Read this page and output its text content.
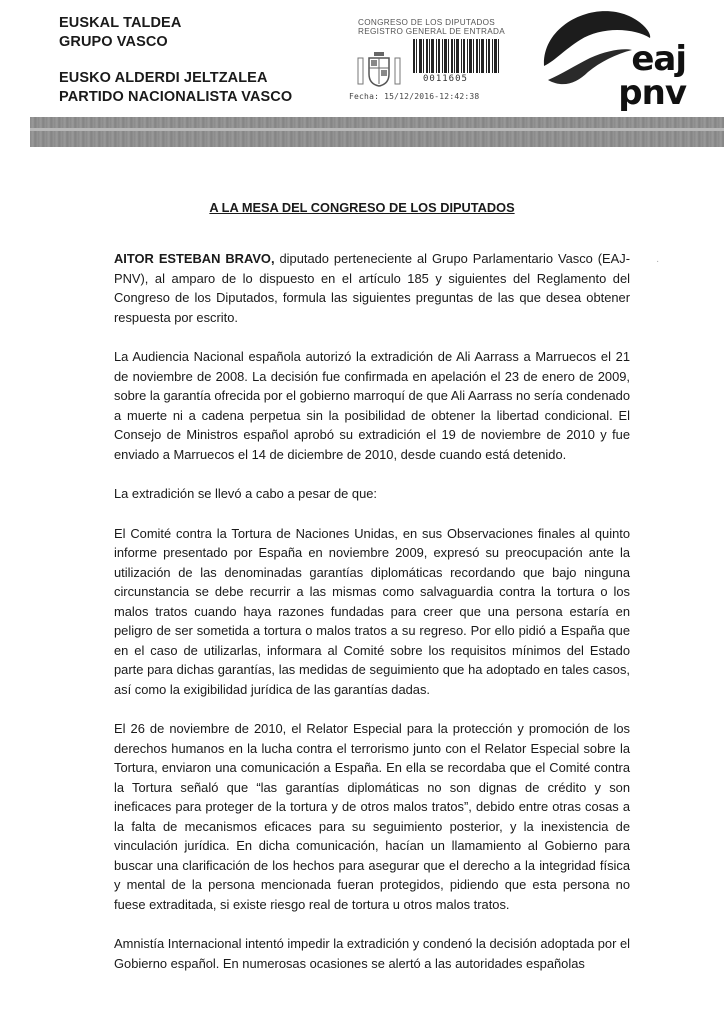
EUSKAL TALDEA
GRUPO VASCO
EUSKO ALDERDI JELTZALEA
PARTIDO NACIONALISTA VASCO
CONGRESO DE LOS DIPUTADOS
REGISTRO GENERAL DE ENTRADA
0011605
Fecha: 15/12/2016-12:42:38
eaj
pnv
A LA MESA DEL CONGRESO DE LOS DIPUTADOS
·

AITOR ESTEBAN BRAVO, diputado perteneciente al Grupo Parlamentario Vasco (EAJ-PNV), al amparo de lo dispuesto en el artículo 185 y siguientes del Reglamento del Congreso de los Diputados, formula las siguientes preguntas de las que desea obtener respuesta por escrito.

La Audiencia Nacional española autorizó la extradición de Ali Aarrass a Marruecos el 21 de noviembre de 2008. La decisión fue confirmada en apelación el 23 de enero de 2009, sobre la garantía ofrecida por el gobierno marroquí de que Ali Aarrass no sería condenado a muerte ni a cadena perpetua sin la posibilidad de obtener la libertad condicional. El Consejo de Ministros español aprobó su extradición el 19 de noviembre de 2010 y fue enviado a Marruecos el 14 de diciembre de 2010, desde cuando está detenido.

La extradición se llevó a cabo a pesar de que:

El Comité contra la Tortura de Naciones Unidas, en sus Observaciones finales al quinto informe presentado por España en noviembre 2009, expresó su preocupación ante la utilización de las denominadas garantías diplomáticas recordando que bajo ninguna circunstancia se debe recurrir a las mismas como salvaguardia contra la tortura o los malos tratos cuando haya razones fundadas para creer que una persona estaría en peligro de ser sometida a tortura o malos tratos a su regreso. Por ello pidió a España que en el caso de utilizarlas, informara al Comité sobre los requisitos mínimos del Estado parte para dichas garantías, las medidas de seguimiento que ha adoptado en tales casos, así como la exigibilidad jurídica de las garantías dadas.

El 26 de noviembre de 2010, el Relator Especial para la protección y promoción de los derechos humanos en la lucha contra el terrorismo junto con el Relator Especial sobre la Tortura, enviaron una comunicación a España. En ella se recordaba que el Comité contra la Tortura señaló que “las garantías diplomáticas no son dignas de crédito y son ineficaces para proteger de la tortura y de otros malos tratos”, debido entre otras cosas a la falta de mecanismos eficaces para su seguimiento posterior, y la inexistencia de vinculación jurídica. En dicha comunicación, hacían un llamamiento al Gobierno para buscar una clarificación de los hechos para asegurar que el derecho a la integridad física y mental de la persona mencionada fueran protegidos, pidiendo que esta persona no fuese extraditada, si existe riesgo real de tortura u otros malos tratos.

Amnistía Internacional intentó impedir la extradición y condenó la decisión adoptada por el Gobierno español. En numerosas ocasiones se alertó a las autoridades españolas
